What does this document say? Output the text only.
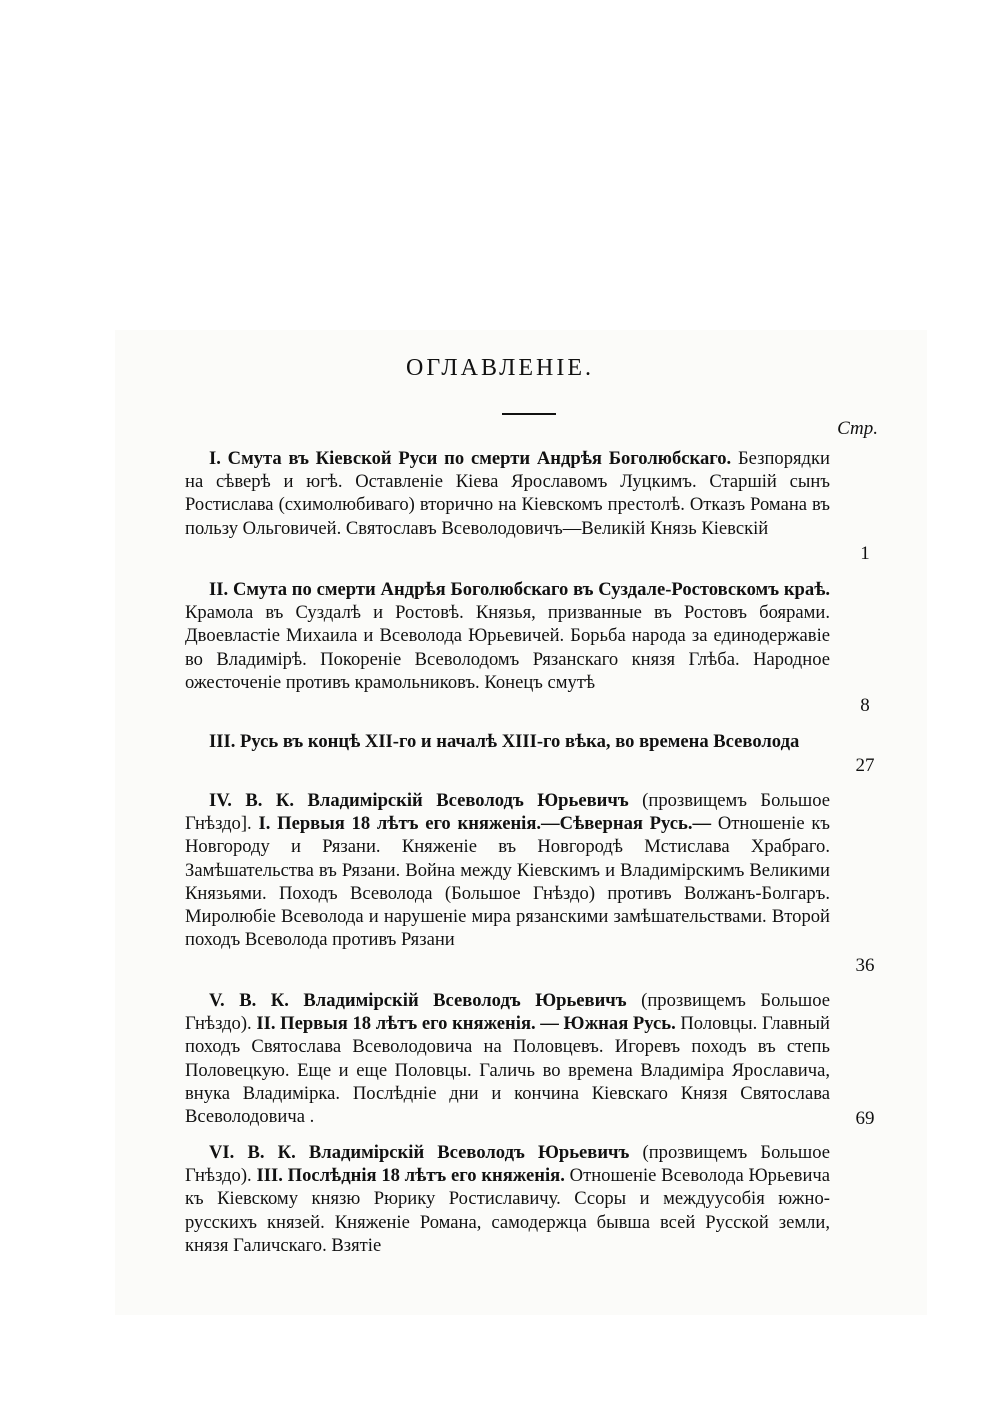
ОГЛАВЛЕНIЕ.
Стр.
I. Смута въ Кiевской Руси по смерти Андрѣя Боголюбскаго. Безпорядки на сѣверѣ и югѣ. Оставленiе Кiева Ярославомъ Луцкимъ. Старшiй сынъ Ростислава (схимолюбиваго) вторично на Кiевскомъ престолѣ. Отказъ Романа въ пользу Ольговичей. Святославъ Всеволодовичъ—Великiй Князь Кiевскiй
1
II. Смута по смерти Андрѣя Боголюбскаго въ Суздале-Ростовскомъ краѣ. Крамола въ Суздалѣ и Ростовѣ. Князья, призванные въ Ростовъ боярами. Двоевластiе Михаила и Всеволода Юрьевичей. Борьба народа за единодержавiе во Владимiрѣ. Покоренiе Всеволодомъ Рязанскаго князя Глѣба. Народное ожесточенiе противъ крамольниковъ. Конецъ смутѣ
8
III. Русь въ концѣ XII-го и началѣ XIII-го вѣка, во времена Всеволода
27
IV. В. К. Владимiрскiй Всеволодъ Юрьевичъ (прозвищемъ Большое Гнѣздо]. I. Первыя 18 лѣтъ его княженiя.—Сѣверная Русь.— Отношенiе къ Новгороду и Рязани. Княженiе въ Новгородѣ Мстислава Храбраго. Замѣшательства въ Рязани. Война между Кiевскимъ и Владимiрскимъ Великими Князьями. Походъ Всеволода (Большое Гнѣздо) противъ Волжанъ-Болгаръ. Миролюбiе Всеволода и нарушенiе мира рязанскими замѣшательствами. Второй походъ Всеволода противъ Рязани
36
V. В. К. Владимiрскiй Всеволодъ Юрьевичъ (прозвищемъ Большое Гнѣздо). II. Первыя 18 лѣтъ его княженiя. — Южная Русь. Половцы. Главный походъ Святослава Всеволодовича на Половцевъ. Игоревъ походъ въ степь Половецкую. Еще и еще Половцы. Галичь во времена Владимiра Ярославича, внука Владимiрка. Послѣднiе дни и кончина Кiевскаго Князя Святослава Всеволодовича .	69
VI. В. К. Владимiрскiй Всеволодъ Юрьевичъ (прозвищемъ Большое Гнѣздо). III. Послѣднiя 18 лѣтъ его княженiя. Отношенiе Всеволода Юрьевича къ Кiевскому князю Рюрику Ростиславичу. Ссоры и междуусобiя южно-русскихъ князей. Княженiе Романа, самодержца бывша всей Русской земли, князя Галичскаго. Взятiе
